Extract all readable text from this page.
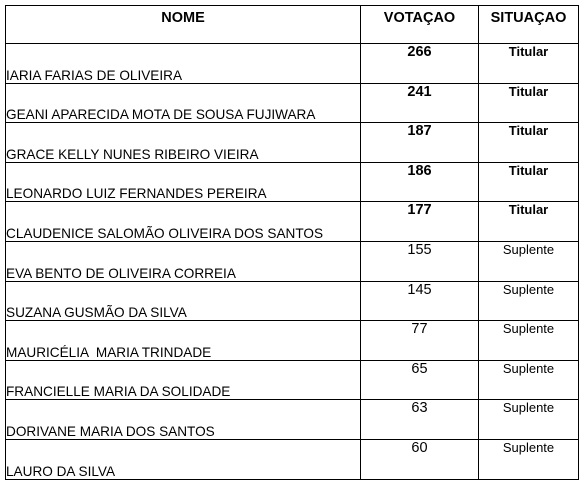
NOME	VOTAÇAO	SITUAÇAO
IARIA FARIAS DE OLIVEIRA	266	Titular
GEANI APARECIDA MOTA DE SOUSA FUJIWARA	241	Titular
GRACE KELLY NUNES RIBEIRO VIEIRA	187	Titular
LEONARDO LUIZ FERNANDES PEREIRA	186	Titular
CLAUDENICE SALOMÃO OLIVEIRA DOS SANTOS	177	Titular
EVA BENTO DE OLIVEIRA CORREIA	155	Suplente
SUZANA GUSMÃO DA SILVA	145	Suplente
MAURICÉLIA  MARIA TRINDADE	77	Suplente
FRANCIELLE MARIA DA SOLIDADE	65	Suplente
DORIVANE MARIA DOS SANTOS	63	Suplente
LAURO DA SILVA	60	Suplente
